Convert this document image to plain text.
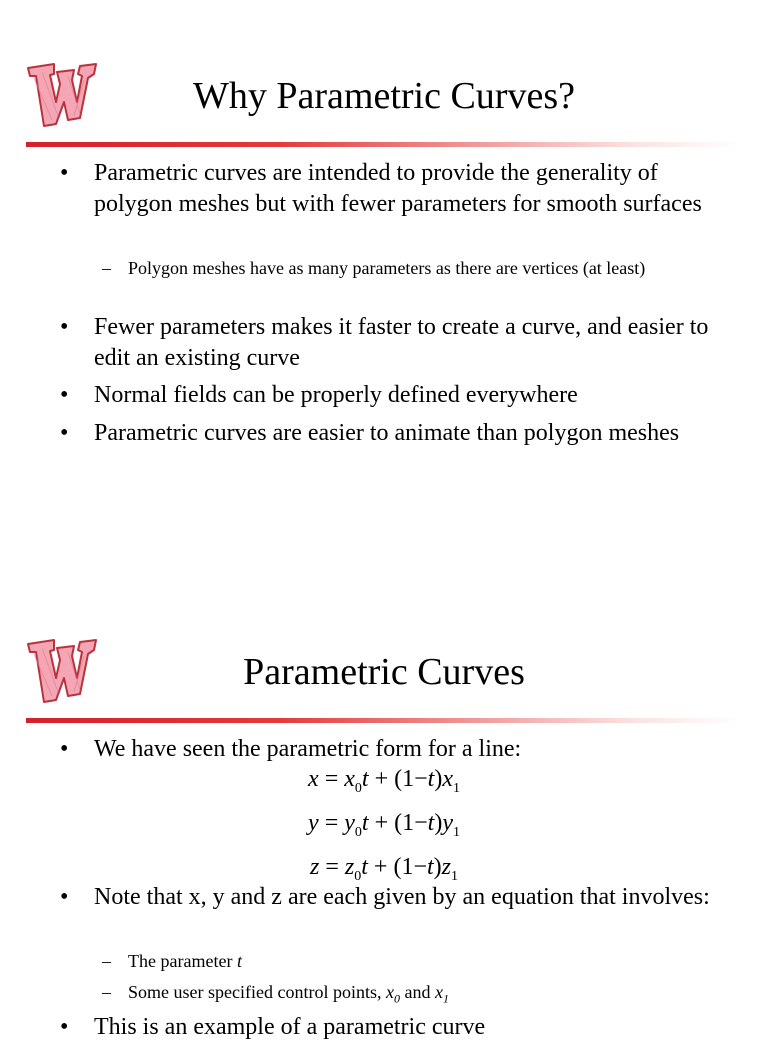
Why Parametric Curves?
•	Parametric curves are intended to provide the generality of polygon meshes but with fewer parameters for smooth surfaces
– Polygon meshes have as many parameters as there are vertices (at least)
•	Fewer parameters makes it faster to create a curve, and easier to edit an existing curve
•	Normal fields can be properly defined everywhere
•	Parametric curves are easier to animate than polygon meshes
Parametric Curves
•	We have seen the parametric form for a line:
$x = x_0t + (1-t)x_1$
$y = y_0t + (1-t)y_1$
$z = z_0t + (1-t)z_1$
•	Note that x, y and z are each given by an equation that involves:
– The parameter t
– Some user specified control points, $x_0$ and $x_1$
•	This is an example of a parametric curve
